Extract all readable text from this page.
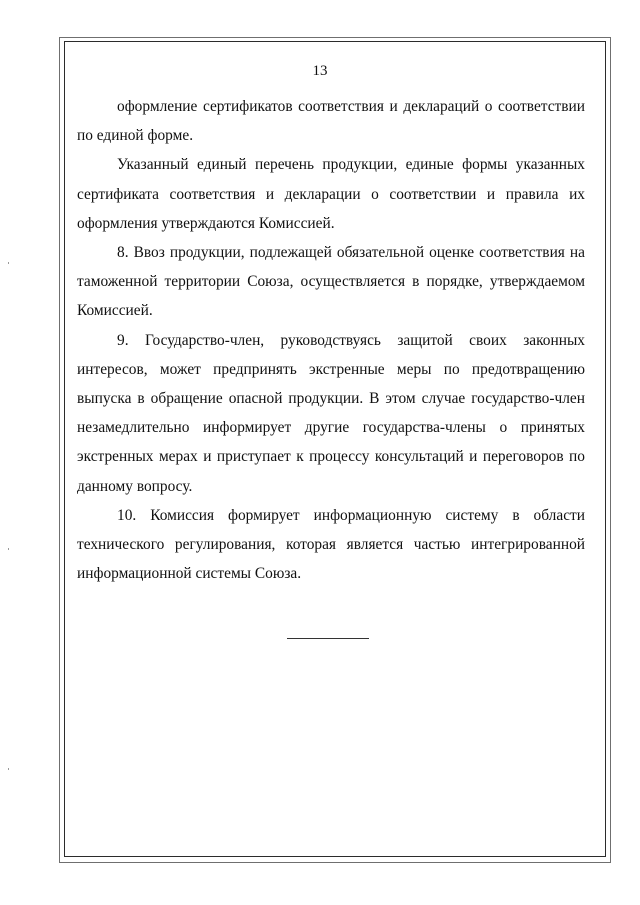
13

оформление сертификатов соответствия и деклараций о соответствии по единой форме.

Указанный единый перечень продукции, единые формы указанных сертификата соответствия и декларации о соответствии и правила их оформления утверждаются Комиссией.

8. Ввоз продукции, подлежащей обязательной оценке соответствия на таможенной территории Союза, осуществляется в порядке, утверждаемом Комиссией.

9. Государство-член, руководствуясь защитой своих законных интересов, может предпринять экстренные меры по предотвращению выпуска в обращение опасной продукции. В этом случае государство-член незамедлительно информирует другие государства-члены о принятых экстренных мерах и приступает к процессу консультаций и переговоров по данному вопросу.

10. Комиссия формирует информационную систему в области технического регулирования, которая является частью интегрированной информационной системы Союза.
